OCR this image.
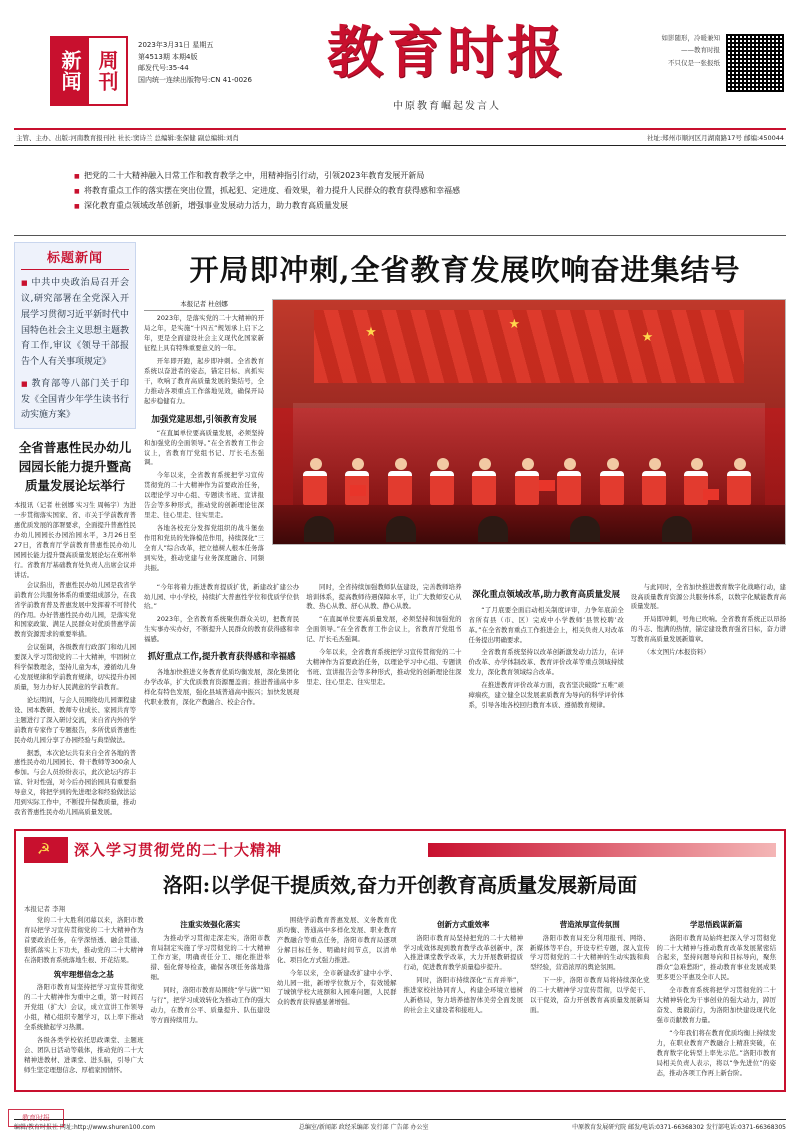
新闻 周刊
2023年3月31日 星期五
第4513期 本期4版
邮发代号:35-44
国内统一连续出版物号:CN 41-0026	教育时报
中原教育崛起发言人
如影随形，冷暖兼知
——教育时报
不只仅是一张报纸
主管、主办、出版:河南教育报刊社 社长:窦诗兰 总编辑:张保健 副总编辑:刘肖	社址:郑州市顺河区月湖南路17号 邮编:450044
■ 把党的二十大精神融入日常工作和教育教学之中，用精神指引行动，引领2023年教育发展开新局
■ 将教育重点工作的落实摆在突出位置，抓起犯、定进度、看效果，着力提升人民群众的教育获得感和幸福感
■ 深化教育重点领域改革创新，增强事业发展动力活力，助力教育高质量发展
标题新闻
■ 中共中央政治局召开会议,研究部署在全党深入开展学习贯彻习近平新时代中国特色社会主义思想主题教育工作,审议《领导干部报告个人有关事项规定》
■ 教育部等八部门关于印发《全国青少年学生读书行动实施方案》
全省普惠性民办幼儿园园长能力提升暨高质量发展论坛举行
本报讯（记者 杜创娜 实习生 周畅宇）为进一步贯彻落实国家、省、市关于学前教育普惠优质发展的部署要求，全面提升普惠性民办幼儿园园长办园治园水平，3月26日至27日，省教育厅学前教育普惠性民办幼儿园园长能力提升暨高质量发展论坛在郑州举行。省教育厅基础教育处负责人出席会议并讲话。

会议指出，普惠性民办幼儿园是我省学前教育公共服务体系的重要组成部分，在我省学前教育普及普惠发展中发挥着不可替代的作用。办好普惠性民办幼儿园，是落实党和国家政策、满足人民群众对优质普惠学前教育资源需求的重要举措。

会议强调，各级教育行政部门和幼儿园要深入学习贯彻党的二十大精神，牢固树立科学保教理念，坚持儿童为本，遵循幼儿身心发展规律和学前教育规律，切实提升办园质量，努力办好人民满意的学前教育。

论坛期间，与会人员围绕幼儿园课程建设、园本教研、教师专业成长、家园共育等主题进行了深入研讨交流，来自省内外的学前教育专家作了专题报告，多所优质普惠性民办幼儿园分享了办园经验与典型做法。

据悉，本次论坛共有来自全省各地的普惠性民办幼儿园园长、骨干教师等300余人参加。与会人员纷纷表示，此次论坛内容丰富、针对性强，对今后办园治园具有重要指导意义，将把学到的先进理念和经验做法运用到实际工作中，不断提升保教质量，推动我省普惠性民办幼儿园高质量发展。

开局即冲刺,全省教育发展吹响奋进集结号
本报记者 杜创娜

2023年，是落实党的二十大精神的开局之年，是实施“十四五”规划承上启下之年，更是全面建设社会主义现代化国家新征程上具有特殊重要意义的一年。

开年即开跑，起步即冲刺。全省教育系统以奋进者的姿态，锚定目标、真抓实干，吹响了教育高质量发展的集结号，全力推动各项重点工作落地见效，确保开局起步稳健有力。

加强党建思想,引领教育发展

“在直属单位要高质量发展，必须坚持和加强党的全面领导。”在全省教育工作会议上，省教育厅党组书记、厅长毛杰强调。

今年以来，全省教育系统把学习宣传贯彻党的二十大精神作为首要政治任务，以理论学习中心组、专题读书班、宣讲报告会等多种形式，推动党的创新理论往深里走、往心里走、往实里走。

各地各校充分发挥党组织的战斗堡垒作用和党员的先锋模范作用，持续深化“三全育人”综合改革，把立德树人根本任务落到实处，推动党建与业务深度融合、同频共振。

★	★
★

“今年将着力推进教育提质扩优，新建改扩建公办幼儿园、中小学校，持续扩大普惠性学位和优质学位供给。”

2023年，全省教育系统聚焦群众关切，把教育民生实事办实办好，不断提升人民群众的教育获得感和幸福感。

抓好重点工作,提升教育获得感和幸福感

各地加快推进义务教育优质均衡发展，深化集团化办学改革，扩大优质教育资源覆盖面；推进普通高中多样化有特色发展，强化县域普通高中振兴；加快发展现代职业教育，深化产教融合、校企合作。

同时，全省持续加强教师队伍建设，完善教师培养培训体系，提高教师待遇保障水平，让广大教师安心从教、热心从教、舒心从教、静心从教。

“在直属单位要高质量发展，必须坚持和加强党的全面领导。”在全省教育工作会议上，省教育厅党组书记、厅长毛杰强调。

今年以来，全省教育系统把学习宣传贯彻党的二十大精神作为首要政治任务，以理论学习中心组、专题读书班、宣讲报告会等多种形式，推动党的创新理论往深里走、往心里走、往实里走。

深化重点领域改革,助力教育高质量发展

“了月底要全面启动相关制度评审，力争年底前全省所有县（市、区）完成中小学教师‘县管校聘’改革。”在全省教育重点工作推进会上，相关负责人对改革任务提出明确要求。

全省教育系统坚持以改革创新激发动力活力，在评价改革、办学体制改革、教育评价改革等重点领域持续发力，深化教育领域综合改革。

在推进教育评价改革方面，我省坚决破除“五唯”顽瘴痼疾，建立健全以发展素质教育为导向的科学评价体系，引导各地各校回归教育本质、遵循教育规律。

与此同时，全省加快推进教育数字化战略行动，建设高质量教育资源公共服务体系，以数字化赋能教育高质量发展。

开局即冲刺，号角已吹响。全省教育系统正以昂扬的斗志、饱满的热情，锚定建设教育强省目标，奋力谱写教育高质量发展新篇章。

（本文图片∕本报资料）

☭
深入学习贯彻党的二十大精神
洛阳:以学促干提质效,奋力开创教育高质量发展新局面
本报记者 李翔

党的二十大胜利闭幕以来，洛阳市教育局把学习宣传贯彻党的二十大精神作为首要政治任务，在学深悟透、融会贯通、狠抓落实上下功夫，推动党的二十大精神在洛阳教育系统落地生根、开花结果。

筑牢理想信念之基

洛阳市教育局坚持把学习宣传贯彻党的二十大精神作为重中之重，第一时间召开党组（扩大）会议，成立宣讲工作领导小组，精心组织专题学习，以上率下推动全系统掀起学习热潮。

各级各类学校依托思政课堂、主题班会、团队日活动等载体，推动党的二十大精神进教材、进课堂、进头脑，引导广大师生坚定理想信念、厚植家国情怀。

注重实效强化落实

为推动学习贯彻走深走实，洛阳市教育局制定实施了学习贯彻党的二十大精神工作方案，明确责任分工、细化推进举措、强化督导检查，确保各项任务落地落细。

同时，洛阳市教育局围绕“学与做”“知与行”，把学习成效转化为推动工作的强大动力，在教育公平、质量提升、队伍建设等方面持续用力。

围绕学前教育普惠发展、义务教育优质均衡、普通高中多样化发展、职业教育产教融合等重点任务，洛阳市教育局逐项分解目标任务、明确时间节点，以清单化、项目化方式强力推进。

今年以来，全市新建改扩建中小学、幼儿园一批，新增学位数万个，有效缓解了城镇学校大班额和入园难问题，人民群众的教育获得感显著增强。

创新方式重效率

洛阳市教育局坚持把党的二十大精神学习成效体现到教育教学改革创新中，深入推进课堂教学改革，大力开展教研提质行动，促进教育教学质量稳步提升。

同时，洛阳市持续深化“五育并举”，推进家校社协同育人，构建全环境立德树人新格局，努力培养德智体美劳全面发展的社会主义建设者和接班人。

营造浓厚宣传氛围

洛阳市教育局充分利用报刊、网络、新媒体等平台，开设专栏专题，深入宣传学习贯彻党的二十大精神的生动实践和典型经验，营造浓厚的舆论氛围。

下一步，洛阳市教育局将持续深化党的二十大精神学习宣传贯彻，以学促干、以干促效，奋力开创教育高质量发展新局面。

学思悟践谋新篇

洛阳市教育局始终把深入学习贯彻党的二十大精神与推动教育改革发展紧密结合起来，坚持问题导向和目标导向，聚焦群众“急难愁盼”，推动教育事业发展成果更多更公平惠及全市人民。

全市教育系统将把学习贯彻党的二十大精神转化为干事创业的强大动力，踔厉奋发、勇毅前行，为洛阳加快建设现代化强市贡献教育力量。

“今年我们将在教育优质均衡上持续发力，在职业教育产教融合上精准突破，在教育数字化转型上率先示范。”洛阳市教育局相关负责人表示，将以“争先进位”的姿态，推动各项工作再上新台阶。

编辑∕教育时报社 网址:http://www.shuren100.com	总编室∕新闻部 政经采编部 发行部 广告部 办公室	中原教育发展研究院 邮发∕电话:0371-66368302 发行部电话:0371-66368305
教育时报
